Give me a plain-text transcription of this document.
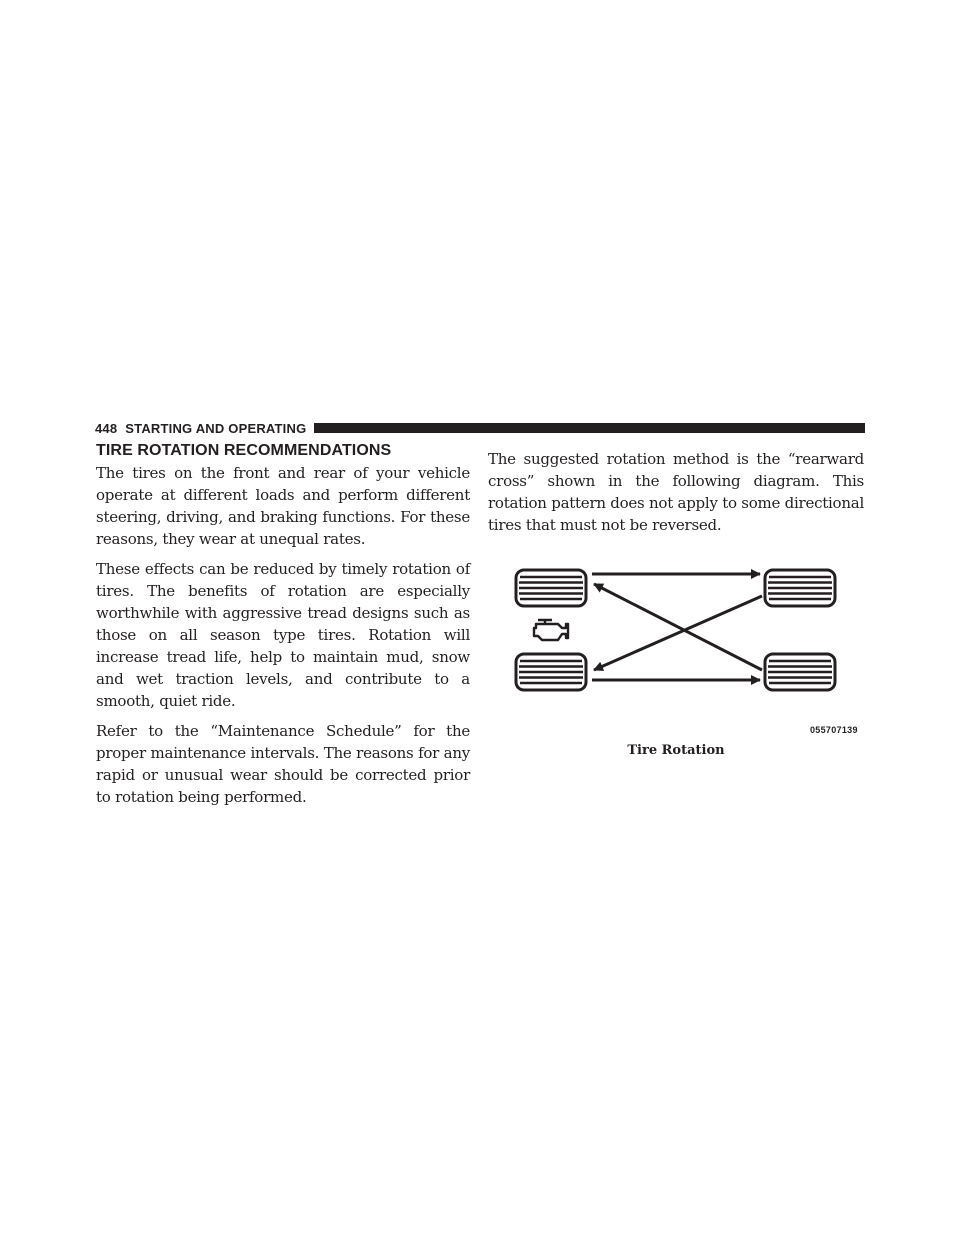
448 STARTING AND OPERATING
TIRE ROTATION RECOMMENDATIONS

The tires on the front and rear of your vehicle operate at different loads and perform different steering, driving, and braking functions. For these reasons, they wear at unequal rates.

These effects can be reduced by timely rotation of tires. The benefits of rotation are especially worthwhile with aggressive tread designs such as those on all season type tires. Rotation will increase tread life, help to maintain mud, snow and wet traction levels, and contribute to a smooth, quiet ride.

Refer to the “Maintenance Schedule” for the proper maintenance intervals. The reasons for any rapid or unusual wear should be corrected prior to rotation being performed.

The suggested rotation method is the “rearward cross” shown in the following diagram. This rotation pattern does not apply to some directional tires that must not be reversed.

055707139
Tire Rotation
